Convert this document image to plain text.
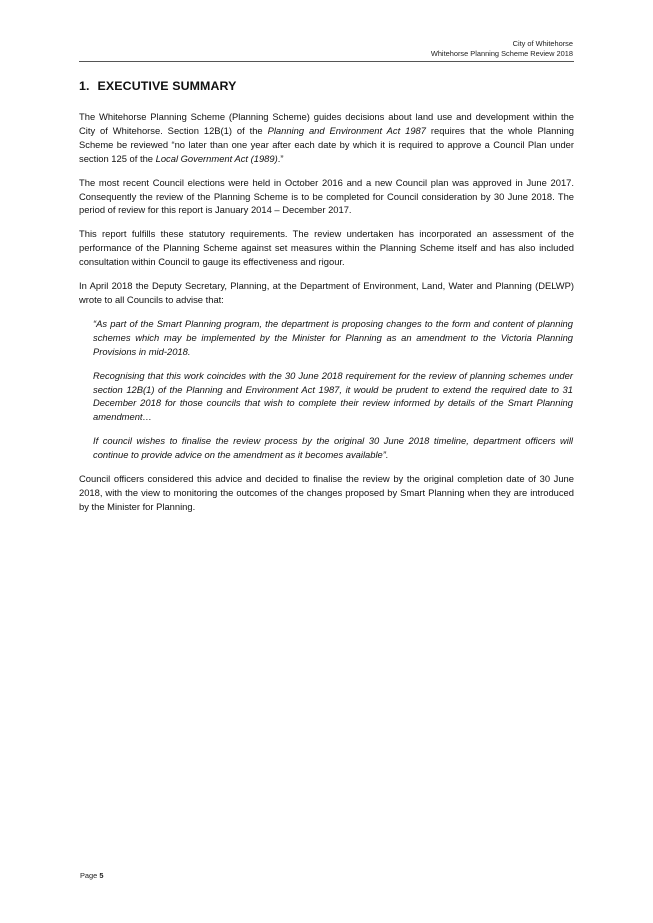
City of Whitehorse
Whitehorse Planning Scheme Review 2018
1. EXECUTIVE SUMMARY

The Whitehorse Planning Scheme (Planning Scheme) guides decisions about land use and development within the City of Whitehorse. Section 12B(1) of the Planning and Environment Act 1987 requires that the whole Planning Scheme be reviewed “no later than one year after each date by which it is required to approve a Council Plan under section 125 of the Local Government Act (1989).”

The most recent Council elections were held in October 2016 and a new Council plan was approved in June 2017. Consequently the review of the Planning Scheme is to be completed for Council consideration by 30 June 2018. The period of review for this report is January 2014 – December 2017.

This report fulfills these statutory requirements. The review undertaken has incorporated an assessment of the performance of the Planning Scheme against set measures within the Planning Scheme itself and has also included consultation within Council to gauge its effectiveness and rigour.

In April 2018 the Deputy Secretary, Planning, at the Department of Environment, Land, Water and Planning (DELWP) wrote to all Councils to advise that:

“As part of the Smart Planning program, the department is proposing changes to the form and content of planning schemes which may be implemented by the Minister for Planning as an amendment to the Victoria Planning Provisions in mid-2018.

Recognising that this work coincides with the 30 June 2018 requirement for the review of planning schemes under section 12B(1) of the Planning and Environment Act 1987, it would be prudent to extend the required date to 31 December 2018 for those councils that wish to complete their review informed by details of the Smart Planning amendment…

If council wishes to finalise the review process by the original 30 June 2018 timeline, department officers will continue to provide advice on the amendment as it becomes available”.

Council officers considered this advice and decided to finalise the review by the original completion date of 30 June 2018, with the view to monitoring the outcomes of the changes proposed by Smart Planning when they are introduced by the Minister for Planning.

Page 5
